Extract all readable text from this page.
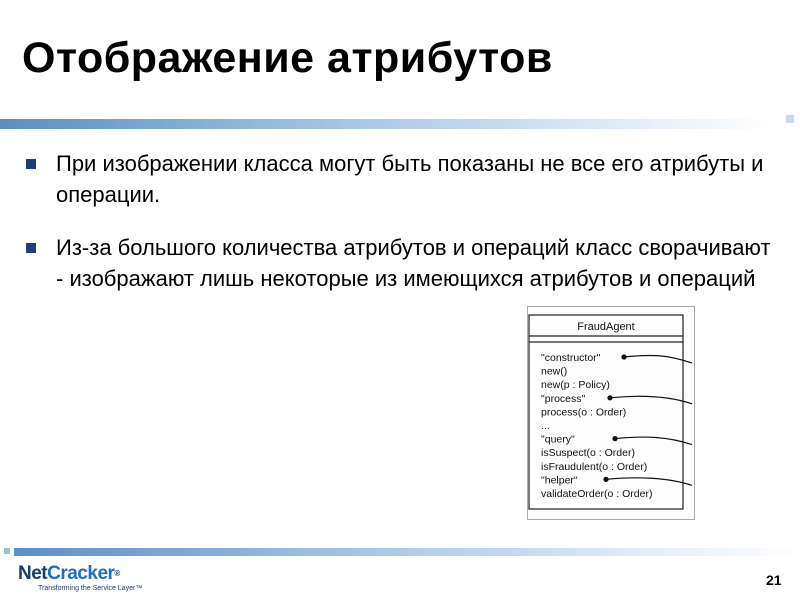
Отображение атрибутов
При изображении класса могут быть показаны не все его атрибуты и операции.
Из-за большого количества атрибутов и операций класс сворачивают - изображают лишь некоторые из имеющихся атрибутов и операций
FraudAgent
"constructor"
new()
new(p : Policy)
"process"
process(o : Order)
...
"query"
isSuspect(o : Order)
isFraudulent(o : Order)
"helper"
validateOrder(o : Order)
NetCracker®
Transforming the Service Layer™
21
